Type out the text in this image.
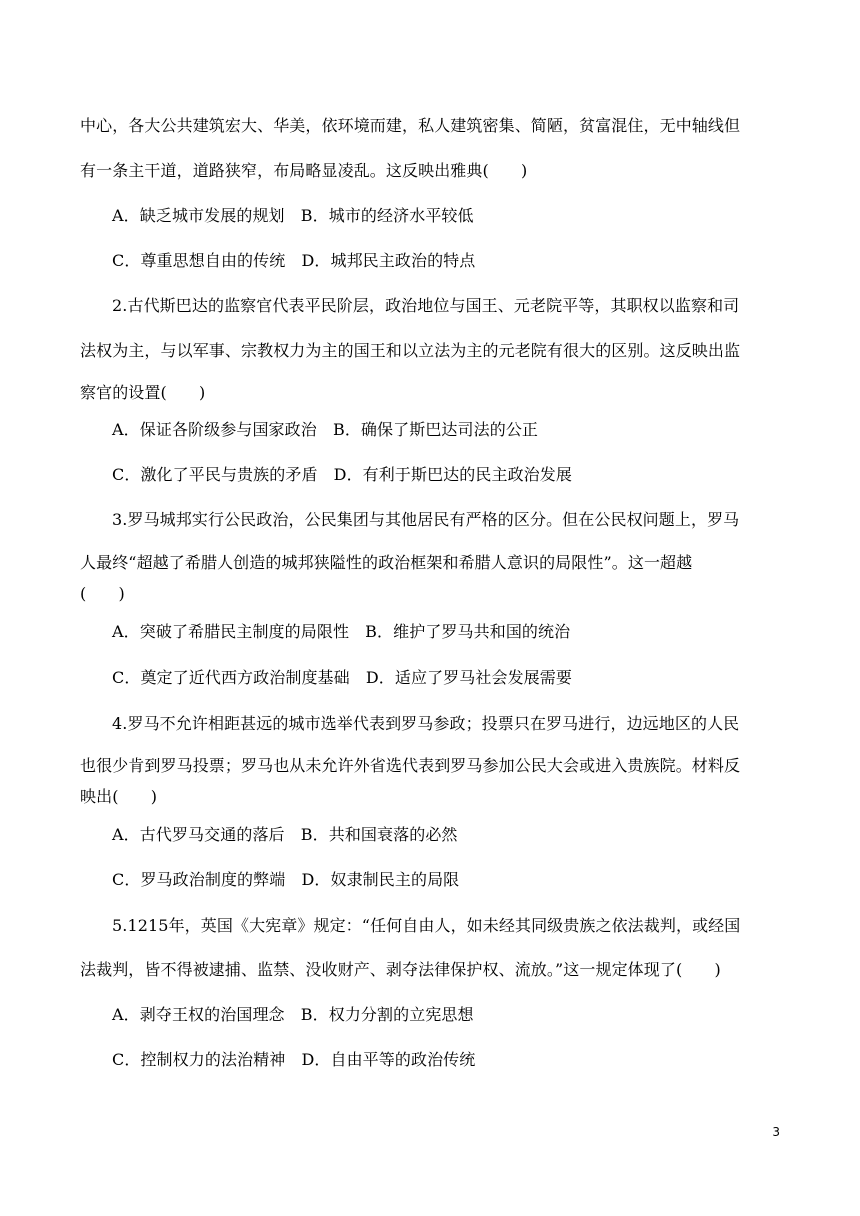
中心，各大公共建筑宏大、华美，依环境而建，私人建筑密集、简陋，贫富混住，无中轴线但
有一条主干道，道路狭窄，布局略显凌乱。这反映出雅典(　　)
A．缺乏城市发展的规划　B．城市的经济水平较低
C．尊重思想自由的传统　D．城邦民主政治的特点
2.古代斯巴达的监察官代表平民阶层，政治地位与国王、元老院平等，其职权以监察和司
法权为主，与以军事、宗教权力为主的国王和以立法为主的元老院有很大的区别。这反映出监
察官的设置(　　)
A．保证各阶级参与国家政治　B．确保了斯巴达司法的公正
C．激化了平民与贵族的矛盾　D．有利于斯巴达的民主政治发展
3.罗马城邦实行公民政治，公民集团与其他居民有严格的区分。但在公民权问题上，罗马
人最终“超越了希腊人创造的城邦狭隘性的政治框架和希腊人意识的局限性”。这一超越
(　　)
A．突破了希腊民主制度的局限性　B．维护了罗马共和国的统治
C．奠定了近代西方政治制度基础　D．适应了罗马社会发展需要
4.罗马不允许相距甚远的城市选举代表到罗马参政；投票只在罗马进行，边远地区的人民
也很少肯到罗马投票；罗马也从未允许外省选代表到罗马参加公民大会或进入贵族院。材料反
映出(　　)
A．古代罗马交通的落后　B．共和国衰落的必然
C．罗马政治制度的弊端　D．奴隶制民主的局限
5.1215年，英国《大宪章》规定：“任何自由人，如未经其同级贵族之依法裁判，或经国
法裁判，皆不得被逮捕、监禁、没收财产、剥夺法律保护权、流放。”这一规定体现了(　　)
A．剥夺王权的治国理念　B．权力分割的立宪思想
C．控制权力的法治精神　D．自由平等的政治传统
3
